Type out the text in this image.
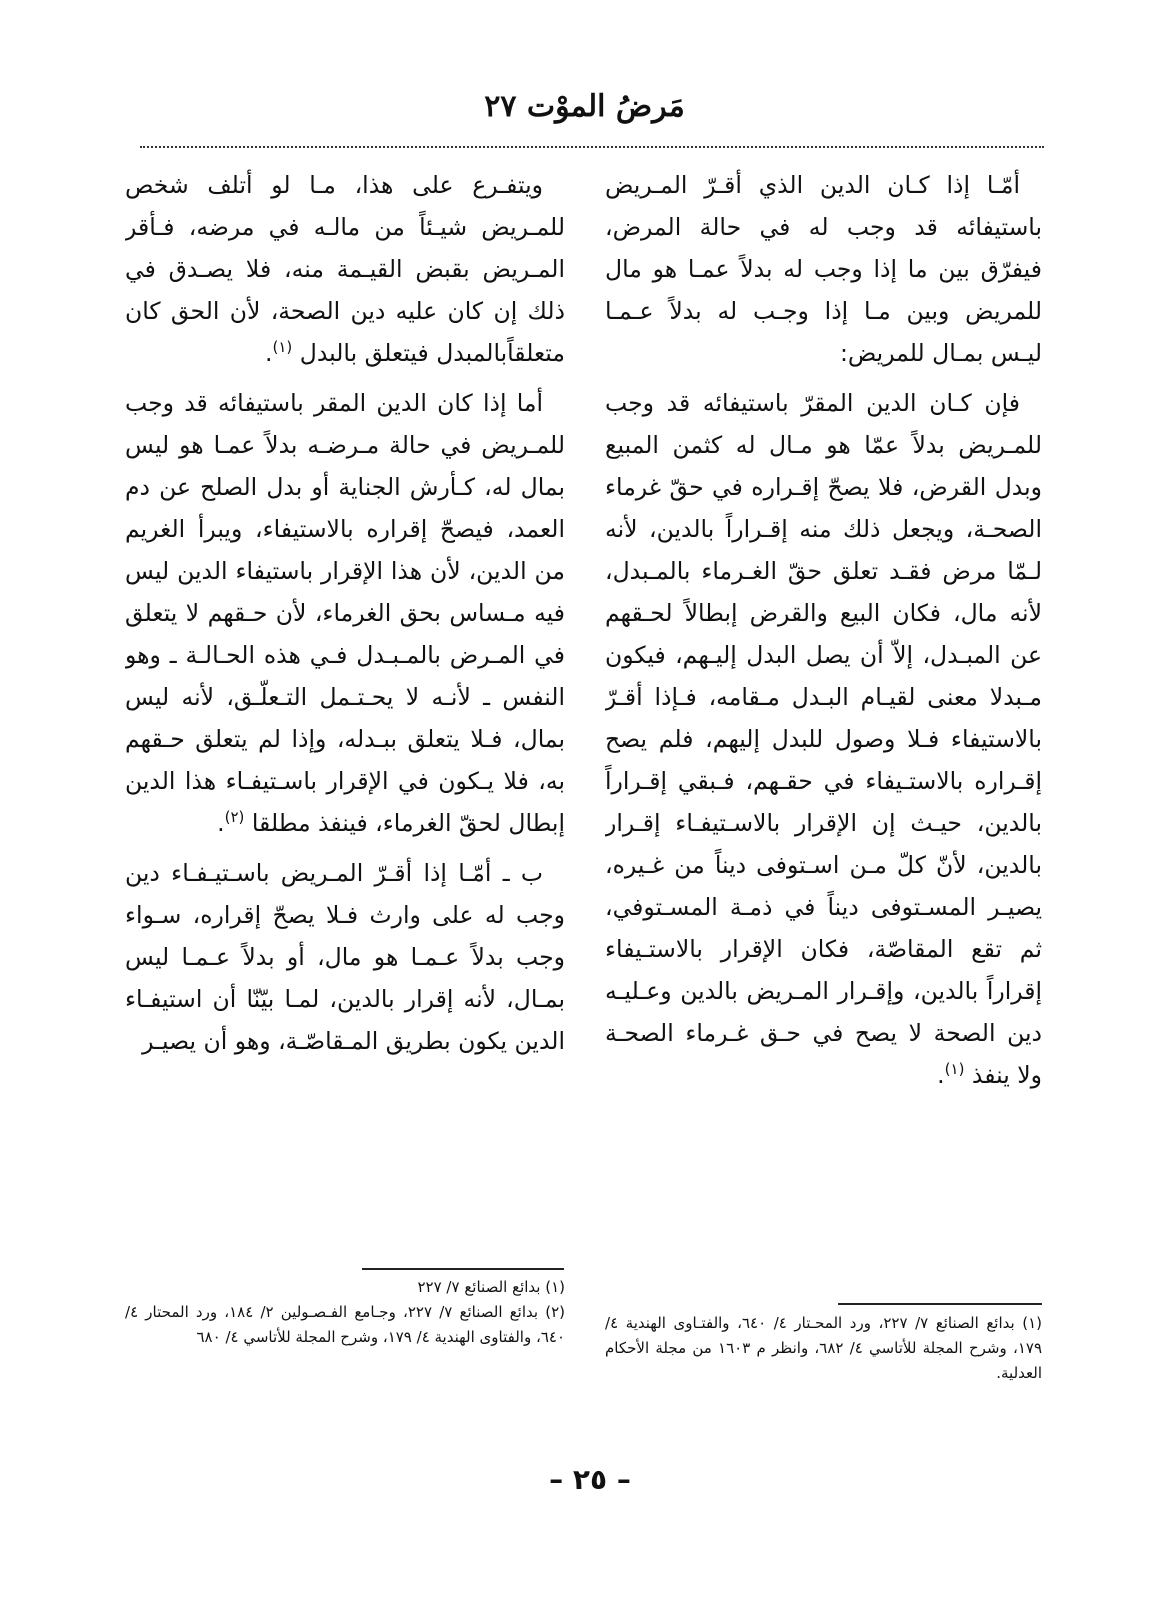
مَرضُ الموْت ٢٧

أمّـا إذا كـان الدين الذي أقـرّ المـريض باستيفائه قد وجب له في حالة المرض، فيفرّق بين ما إذا وجب له بدلاً عمـا هو مال للمريض وبين مـا إذا وجـب له بدلاً عـمـا ليـس بمـال للمريض:

فإن كـان الدين المقرّ باستيفائه قد وجب للمـريض بدلاً عمّا هو مـال له كثمن المبيع وبدل القرض، فلا يصحّ إقـراره في حقّ غرماء الصحـة، ويجعل ذلك منه إقـراراً بالدين، لأنه لـمّا مرض فقـد تعلق حقّ الغـرماء بالمـبدل، لأنه مال، فكان البيع والقرض إبطالاً لحـقهم عن المبـدل، إلاّ أن يصل البدل إليـهم، فيكون مـبدلا معنى لقيـام البـدل مـقامه، فـإذا أقـرّ بالاستيفاء فـلا وصول للبدل إليهم، فلم يصح إقـراره بالاستـيفاء في حقـهم، فـبقي إقـراراً بالدين، حيـث إن الإقرار بالاسـتيفـاء إقـرار بالدين، لأنّ كلّ مـن اسـتوفى ديناً من غـيره، يصيـر المسـتوفى ديناً في ذمـة المسـتوفي، ثم تقع المقاصّة، فكان الإقرار بالاستـيفاء إقراراً بالدين، وإقـرار المـريض بالدين وعـليـه دين الصحة لا يصح في حـق غـرماء الصحـة ولا ينفذ $^{(١)}$.

ويتفـرع على هذا، مـا لو أتلف شخص للمـريض شيـئاً من مالـه في مرضه، فـأقر المـريض بقبض القيـمة منه، فلا يصـدق في ذلك إن كان عليه دين الصحة، لأن الحق كان متعلقاًبالمبدل فيتعلق بالبدل $^{(١)}$.

أما إذا كان الدين المقر باستيفائه قد وجب للمـريض في حالة مـرضـه بدلاً عمـا هو ليس بمال له، كـأرش الجناية أو بدل الصلح عن دم العمد، فيصحّ إقراره بالاستيفاء، ويبرأ الغريم من الدين، لأن هذا الإقرار باستيفاء الدين ليس فيه مـساس بحق الغرماء، لأن حـقهم لا يتعلق في المـرض بالمـبـدل فـي هذه الحـالـة ـ وهو النفس ـ لأنـه لا يحـتـمل التـعلّـق، لأنه ليس بمال، فـلا يتعلق ببـدله، وإذا لم يتعلق حـقهم به، فلا يـكون في الإقرار باسـتيفـاء هذا الدين إبطال لحقّ الغرماء، فينفذ مطلقا $^{(٢)}$.

ب ـ أمّـا إذا أقـرّ المـريض باسـتيـفـاء دين وجب له على وارث فـلا يصحّ إقراره، سـواء وجب بدلاً عـمـا هو مال، أو بدلاً عـمـا ليس بمـال، لأنه إقرار بالدين، لمـا بيّنّا أن استيفـاء الدين يكون بطريق المـقاصّـة، وهو أن يصيـر

(١) بدائع الصنائع ٧/ ٢٢٧

(٢) بدائع الصنائع ٧/ ٢٢٧، وجـامع الفـصـولين ٢/ ١٨٤، ورد المحتار ٤/ ٦٤٠، والفتاوى الهندية ٤/ ١٧٩، وشرح المجلة للأتاسي ٤/ ٦٨٠

(١) بدائع الصنائع ٧/ ٢٢٧، ورد المحـتار ٤/ ٦٤٠، والفتـاوى الهندية ٤/ ١٧٩، وشرح المجلة للأتاسي ٤/ ٦٨٢، وانظر م ١٦٠٣ من مجلة الأحكام العدلية.

– ٢٥ –
